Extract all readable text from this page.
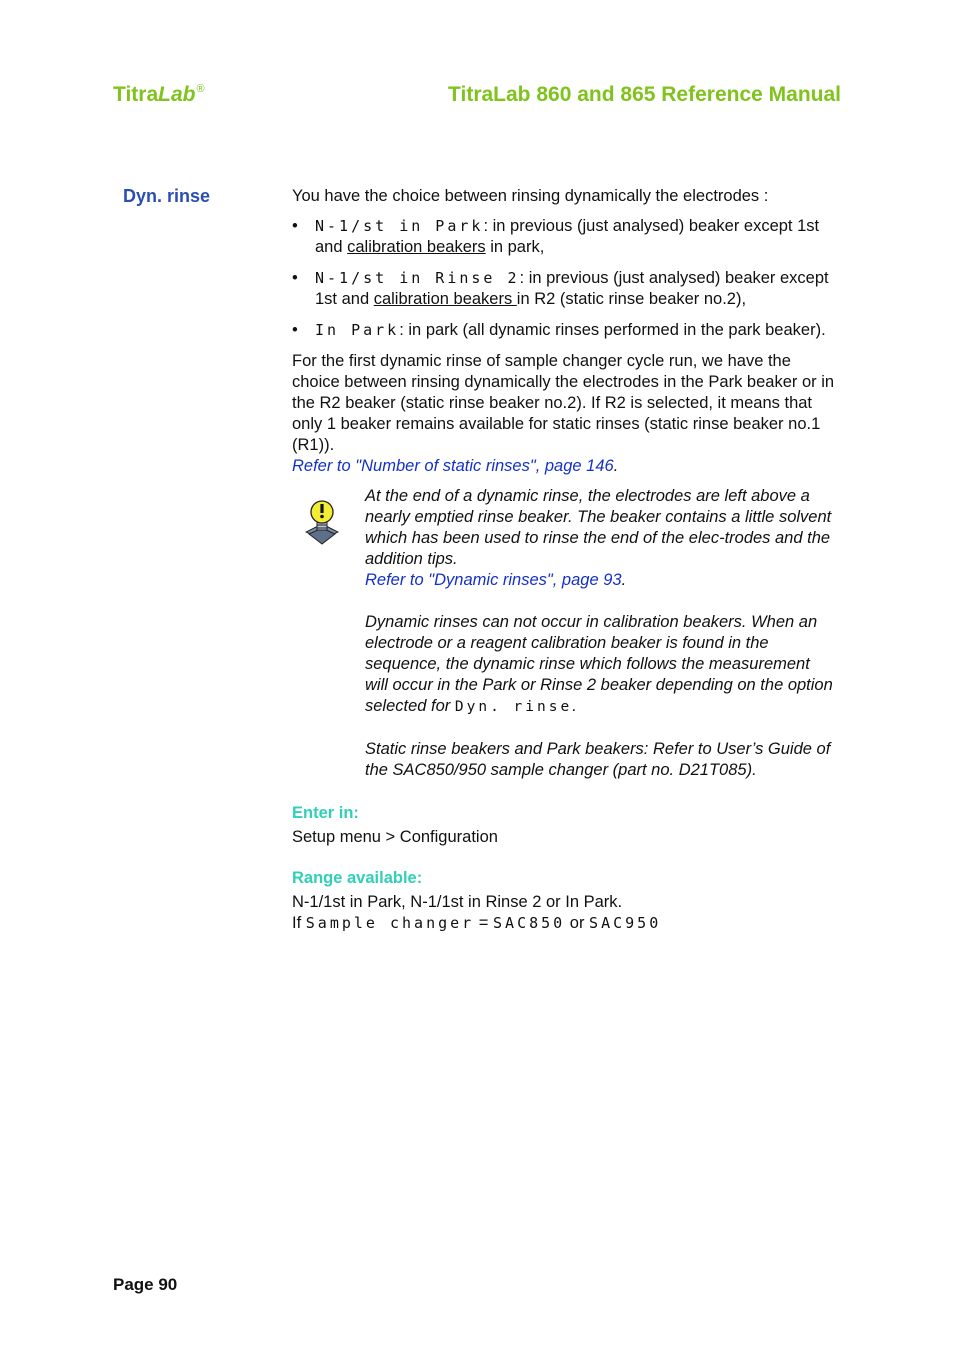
TitraLab®	TitraLab 860 and 865 Reference Manual
Dyn. rinse	You have the choice between rinsing dynamically the electrodes :

• N-1/st in Park: in previous (just analysed) beaker except 1st and calibration beakers in park,
• N-1/st in Rinse 2: in previous (just analysed) beaker except 1st and calibration beakers in R2 (static rinse beaker no.2),
• In Park: in park (all dynamic rinses performed in the park beaker).

For the first dynamic rinse of sample changer cycle run, we have the choice between rinsing dynamically the electrodes in the Park beaker or in the R2 beaker (static rinse beaker no.2). If R2 is selected, it means that only 1 beaker remains available for static rinses (static rinse beaker no.1 (R1)).

Refer to "Number of static rinses", page 146.

At the end of a dynamic rinse, the electrodes are left above a nearly emptied rinse beaker. The beaker contains a little solvent which has been used to rinse the end of the elec-trodes and the addition tips.
Refer to "Dynamic rinses", page 93.

Dynamic rinses can not occur in calibration beakers. When an electrode or a reagent calibration beaker is found in the sequence, the dynamic rinse which follows the measurement will occur in the Park or Rinse 2 beaker depending on the option selected for Dyn. rinse.

Static rinse beakers and Park beakers: Refer to User’s Guide of the SAC850/950 sample changer (part no. D21T085).

Enter in:

Setup menu > Configuration

Range available:

N-1/1st in Park, N-1/1st in Rinse 2 or In Park.

If Sample changer = SAC850 or SAC950

Page 90
